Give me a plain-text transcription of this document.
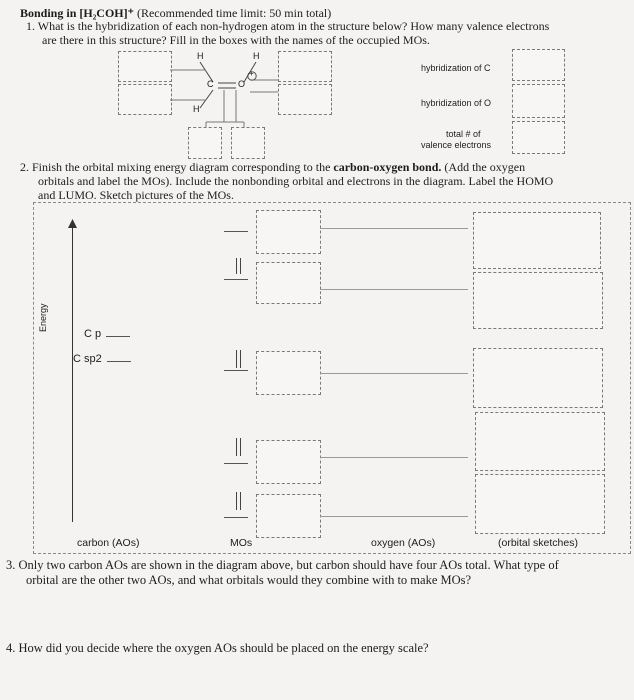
Bonding in [H₂COH]⁺ (Recommended time limit: 50 min total)
1. What is the hybridization of each non-hydrogen atom in the structure below? How many valence electrons
are there in this structure? Fill in the boxes with the names of the occupied MOs.
H	H
C	O
H
+
hybridization of C
hybridization of O
total # of
valence electrons
2. Finish the orbital mixing energy diagram corresponding to the carbon-oxygen bond. (Add the oxygen
orbitals and label the MOs). Include the nonbonding orbital and electrons in the diagram. Label the HOMO
and LUMO. Sketch pictures of the MOs.
Energy
C p
C sp2
carbon (AOs)	MOs	oxygen (AOs)	(orbital sketches)
3. Only two carbon AOs are shown in the diagram above, but carbon should have four AOs total. What type of
orbital are the other two AOs, and what orbitals would they combine with to make MOs?
4. How did you decide where the oxygen AOs should be placed on the energy scale?
